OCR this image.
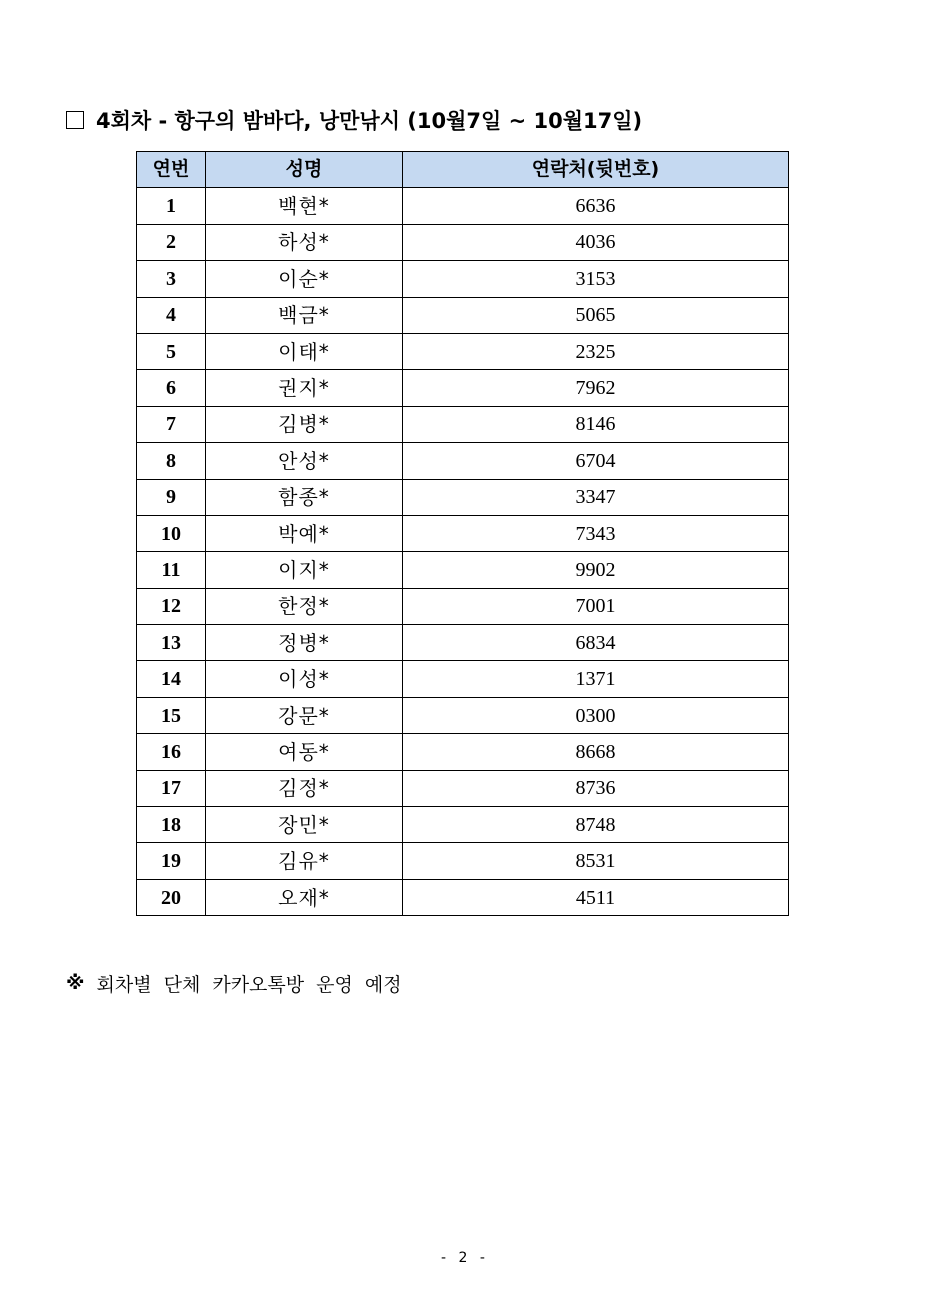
4회차 - 항구의 밤바다, 낭만낚시 (10월7일 ~ 10월17일)
연번	성명	연락처(뒷번호)
1	백현*	6636
2	하성*	4036
3	이순*	3153
4	백금*	5065
5	이태*	2325
6	권지*	7962
7	김병*	8146
8	안성*	6704
9	함종*	3347
10	박예*	7343
11	이지*	9902
12	한정*	7001
13	정병*	6834
14	이성*	1371
15	강문*	0300
16	여동*	8668
17	김정*	8736
18	장민*	8748
19	김유*	8531
20	오재*	4511
※ 회차별 단체 카카오톡방 운영 예정
- 2 -
